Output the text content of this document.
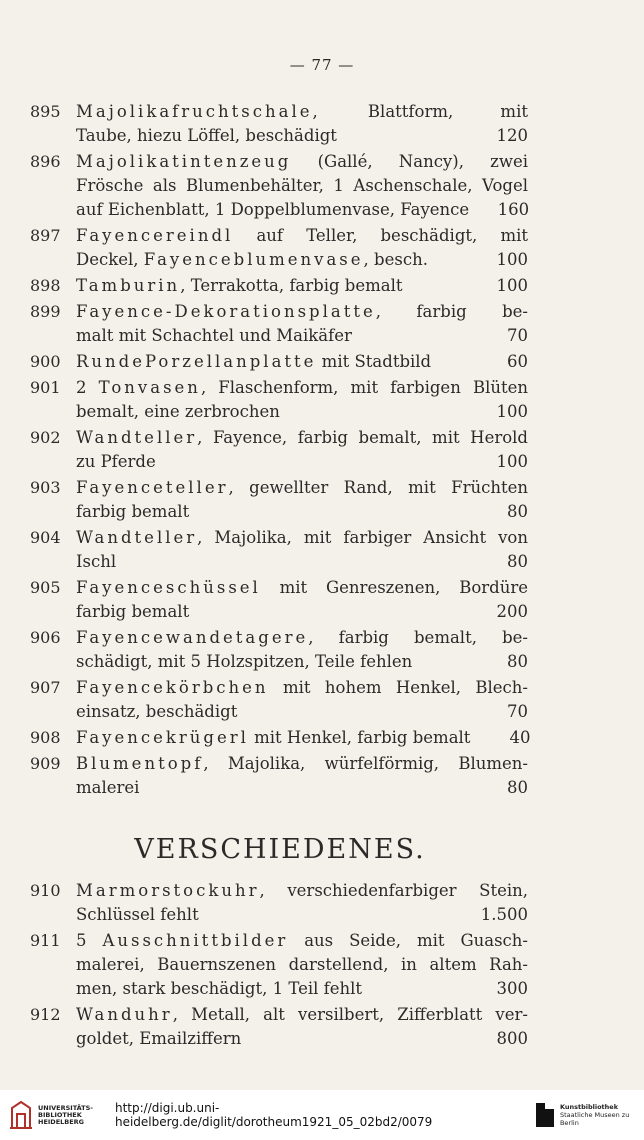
— 77 —
895 Majolikafruchtschale, Blattform, mit
Taube, hiezu Löffel, beschädigt	120
896 Majolikatintenzeug (Gallé, Nancy), zwei
Frösche als Blumenbehälter, 1 Aschenschale, Vogel
auf Eichenblatt, 1 Doppelblumenvase, Fayence	160
897 Fayencereindl auf Teller, beschädigt, mit
Deckel, Fayenceblumenvase, besch.	100
898 Tamburin, Terrakotta, farbig bemalt	100
899 Fayence-Dekorationsplatte, farbig be-
malt mit Schachtel und Maikäfer	70
900 RundePorzellanplatte mit Stadtbild	60
901 2 Tonvasen, Flaschenform, mit farbigen Blüten
bemalt, eine zerbrochen	100
902 Wandteller, Fayence, farbig bemalt, mit Herold
zu Pferde	100
903 Fayenceteller, gewellter Rand, mit Früchten
farbig bemalt	80
904 Wandteller, Majolika, mit farbiger Ansicht von
Ischl	80
905 Fayenceschüssel mit Genreszenen, Bordüre
farbig bemalt	200
906 Fayencewandetagere, farbig bemalt, be-
schädigt, mit 5 Holzspitzen, Teile fehlen	80
907 Fayencekörbchen mit hohem Henkel, Blech-
einsatz, beschädigt	70
908 Fayencekrügerl mit Henkel, farbig bemalt	40
909 Blumentopf, Majolika, würfelförmig, Blumen-
malerei	80
VERSCHIEDENES.
910 Marmorstockuhr, verschiedenfarbiger Stein,
Schlüssel fehlt	1.500
911 5 Ausschnittbilder aus Seide, mit Guasch-
malerei, Bauernszenen darstellend, in altem Rah-
men, stark beschädigt, 1 Teil fehlt	300
912 Wanduhr, Metall, alt versilbert, Zifferblatt ver-
goldet, Emailziffern	800
UNIVERSITÄTS-
BIBLIOTHEK
HEIDELBERG
http://digi.ub.uni-heidelberg.de/diglit/dorotheum1921_05_02bd2/0079
Kunstbibliothek
Staatliche Museen zu Berlin
